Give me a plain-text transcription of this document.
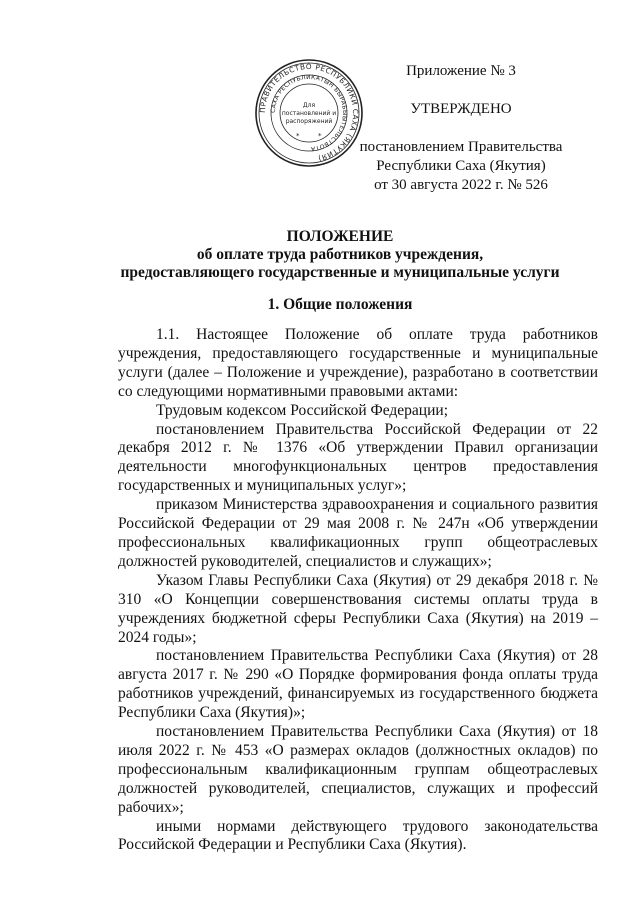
ПРАВИТЕЛЬСТВО РЕСПУБЛИКИ САХА (ЯКУТИЯ)
САХА РЕСПУБЛИКАТЫН БЫРАБЫЫТЕЛЬСТВОТА
Для
постановлений и
распоряжений
*	*
Приложение № 3
УТВЕРЖДЕНО
постановлением Правительства
Республики Саха (Якутия)
от 30 августа 2022 г. № 526
ПОЛОЖЕНИЕ
об оплате труда работников учреждения,
предоставляющего государственные и муниципальные услуги
1. Общие положения

1.1. Настоящее Положение об оплате труда работников учреждения, предоставляющего государственные и муниципальные услуги (далее – Положение и учреждение), разработано в соответствии со следующими нормативными правовыми актами:

Трудовым кодексом Российской Федерации;

постановлением Правительства Российской Федерации от 22 декабря 2012 г. № 1376 «Об утверждении Правил организации деятельности многофункциональных центров предоставления государственных и муниципальных услуг»;

приказом Министерства здравоохранения и социального развития Российской Федерации от 29 мая 2008 г. № 247н «Об утверждении профессиональных квалификационных групп общеотраслевых должностей руководителей, специалистов и служащих»;

Указом Главы Республики Саха (Якутия) от 29 декабря 2018 г. № 310 «О Концепции совершенствования системы оплаты труда в учреждениях бюджетной сферы Республики Саха (Якутия) на 2019 – 2024 годы»;

постановлением Правительства Республики Саха (Якутия) от 28 августа 2017 г. № 290 «О Порядке формирования фонда оплаты труда работников учреждений, финансируемых из государственного бюджета Республики Саха (Якутия)»;

постановлением Правительства Республики Саха (Якутия) от 18 июля 2022 г. № 453 «О размерах окладов (должностных окладов) по профессиональным квалификационным группам общеотраслевых должностей руководителей, специалистов, служащих и профессий рабочих»;

иными нормами действующего трудового законодательства Российской Федерации и Республики Саха (Якутия).
